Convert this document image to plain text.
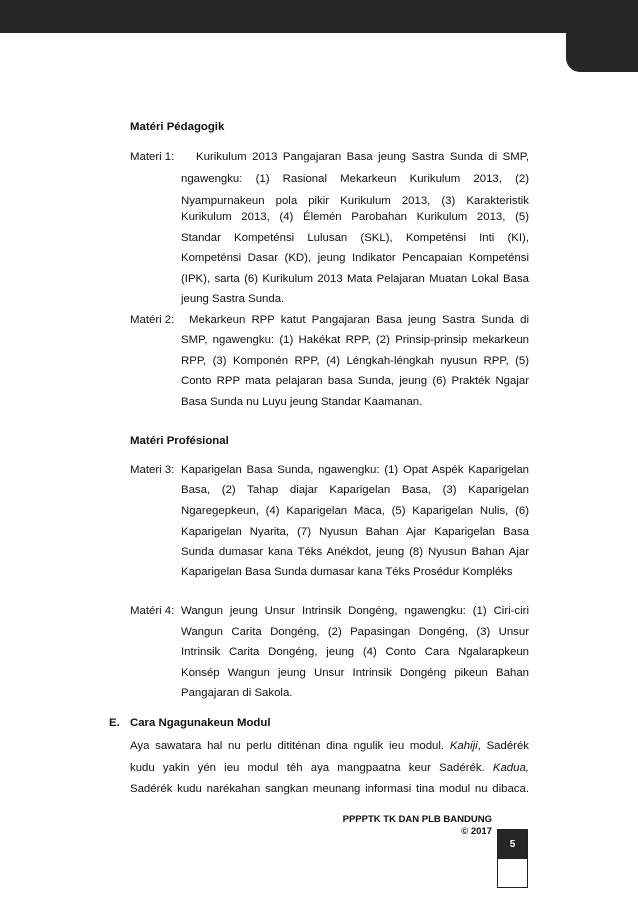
Matéri Pédagogik
Materi 1: Kurikulum 2013 Pangajaran Basa jeung Sastra Sunda di SMP,
ngawengku: (1) Rasional Mekarkeun Kurikulum 2013, (2)
Nyampurnakeun pola pikir Kurikulum 2013, (3) Karakteristik
Kurikulum 2013, (4) Élemén Parobahan Kurikulum 2013, (5)
Standar Kompeténsi Lulusan (SKL), Kompeténsi Inti (KI),
Kompeténsi Dasar (KD), jeung Indikator Pencapaian Kompeténsi
(IPK), sarta (6) Kurikulum 2013 Mata Pelajaran Muatan Lokal Basa
jeung Sastra Sunda.
Matéri 2: Mekarkeun RPP katut Pangajaran Basa jeung Sastra Sunda di
SMP, ngawengku: (1) Hakékat RPP, (2) Prinsip-prinsip mekarkeun
RPP, (3) Komponén RPP, (4) Léngkah-léngkah nyusun RPP, (5)
Conto RPP mata pelajaran basa Sunda, jeung (6) Prakték Ngajar
Basa Sunda nu Luyu jeung Standar Kaamanan.
Matéri Profésional
Materi 3: Kaparigelan Basa Sunda, ngawengku: (1) Opat Aspék Kaparigelan
Basa, (2) Tahap diajar Kaparigelan Basa, (3) Kaparigelan
Ngaregepkeun, (4) Kaparigelan Maca, (5) Kaparigelan Nulis, (6)
Kaparigelan Nyarita, (7) Nyusun Bahan Ajar Kaparigelan Basa
Sunda dumasar kana Téks Anékdot, jeung (8) Nyusun Bahan Ajar
Kaparigelan Basa Sunda dumasar kana Téks Prosédur Kompléks
Matéri 4: Wangun jeung Unsur Intrinsik Dongéng, ngawengku: (1) Ciri-ciri
Wangun Carita Dongéng, (2) Papasingan Dongéng, (3) Unsur
Intrinsik Carita Dongéng, jeung (4) Conto Cara Ngalarapkeun
Konsép Wangun jeung Unsur Intrinsik Dongéng pikeun Bahan
Pangajaran di Sakola.
E. Cara Ngagunakeun Modul
Aya sawatara hal nu perlu dititénan dina ngulik ieu modul. Kahiji, Sadérék
kudu yakin yén ieu modul téh aya mangpaatna keur Sadérék. Kadua,
Sadérék kudu narékahan sangkan meunang informasi tina modul nu dibaca.
PPPPTK TK DAN PLB BANDUNG
© 2017
5
